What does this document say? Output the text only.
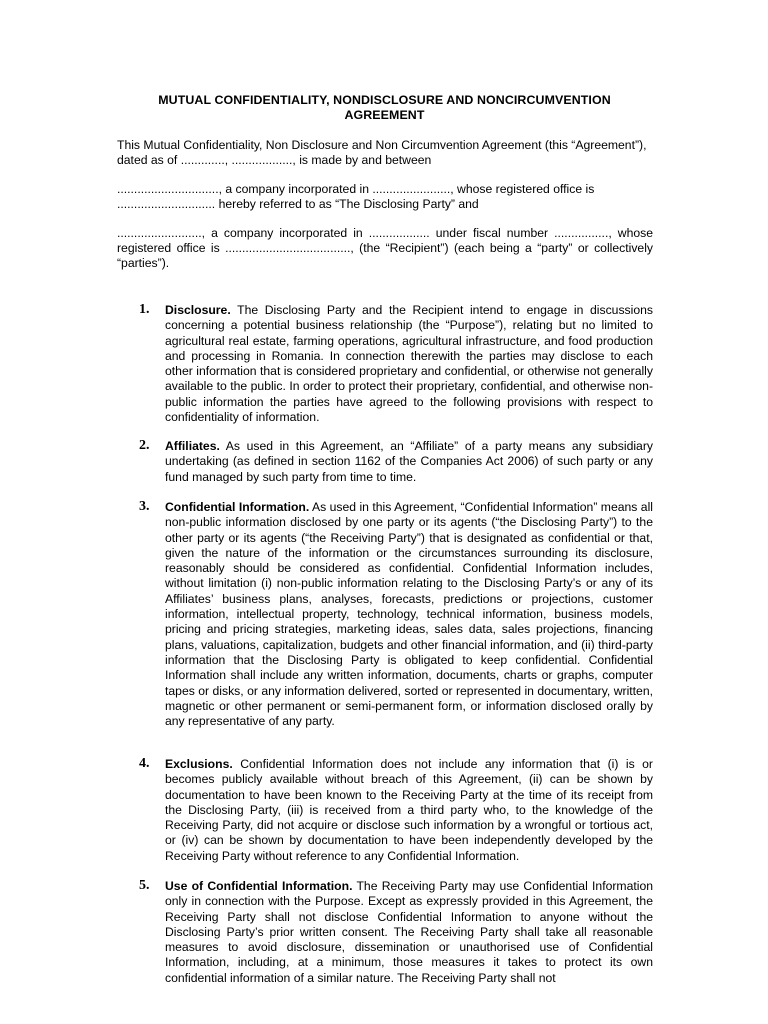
MUTUAL CONFIDENTIALITY, NONDISCLOSURE AND NONCIRCUMVENTION AGREEMENT
This Mutual Confidentiality, Non Disclosure and Non Circumvention Agreement (this “Agreement”), dated as of ............., .................., is made by and between
.............................., a company incorporated in ......................., whose registered office is ............................. hereby referred to as “The Disclosing Party” and
........................., a company incorporated in .................. under fiscal number ................, whose registered office is ....................................., (the “Recipient”) (each being a “party” or collectively “parties”).
1. Disclosure. The Disclosing Party and the Recipient intend to engage in discussions concerning a potential business relationship (the “Purpose”), relating but no limited to agricultural real estate, farming operations, agricultural infrastructure, and food production and processing in Romania. In connection therewith the parties may disclose to each other information that is considered proprietary and confidential, or otherwise not generally available to the public. In order to protect their proprietary, confidential, and otherwise non-public information the parties have agreed to the following provisions with respect to confidentiality of information.
2. Affiliates. As used in this Agreement, an “Affiliate” of a party means any subsidiary undertaking (as defined in section 1162 of the Companies Act 2006) of such party or any fund managed by such party from time to time.
3. Confidential Information. As used in this Agreement, “Confidential Information” means all non-public information disclosed by one party or its agents (“the Disclosing Party”) to the other party or its agents (“the Receiving Party”) that is designated as confidential or that, given the nature of the information or the circumstances surrounding its disclosure, reasonably should be considered as confidential. Confidential Information includes, without limitation (i) non-public information relating to the Disclosing Party’s or any of its Affiliates’ business plans, analyses, forecasts, predictions or projections, customer information, intellectual property, technology, technical information, business models, pricing and pricing strategies, marketing ideas, sales data, sales projections, financing plans, valuations, capitalization, budgets and other financial information, and (ii) third-party information that the Disclosing Party is obligated to keep confidential. Confidential Information shall include any written information, documents, charts or graphs, computer tapes or disks, or any information delivered, sorted or represented in documentary, written, magnetic or other permanent or semi-permanent form, or information disclosed orally by any representative of any party.
4. Exclusions. Confidential Information does not include any information that (i) is or becomes publicly available without breach of this Agreement, (ii) can be shown by documentation to have been known to the Receiving Party at the time of its receipt from the Disclosing Party, (iii) is received from a third party who, to the knowledge of the Receiving Party, did not acquire or disclose such information by a wrongful or tortious act, or (iv) can be shown by documentation to have been independently developed by the Receiving Party without reference to any Confidential Information.
5. Use of Confidential Information. The Receiving Party may use Confidential Information only in connection with the Purpose. Except as expressly provided in this Agreement, the Receiving Party shall not disclose Confidential Information to anyone without the Disclosing Party’s prior written consent. The Receiving Party shall take all reasonable measures to avoid disclosure, dissemination or unauthorised use of Confidential Information, including, at a minimum, those measures it takes to protect its own confidential information of a similar nature. The Receiving Party shall not
